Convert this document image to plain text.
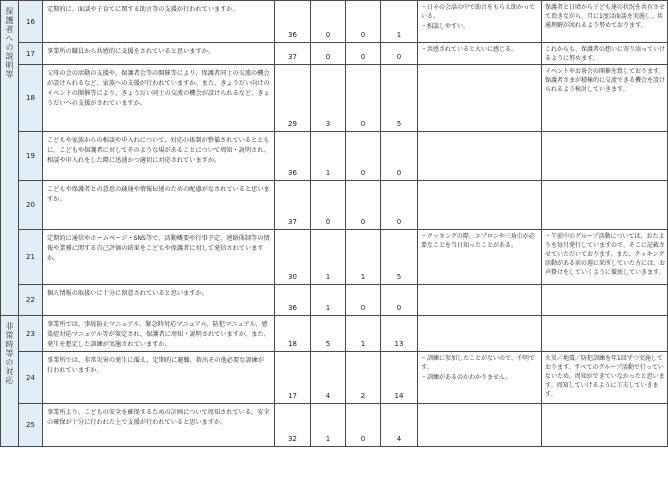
保護者への説明等	16	定期的に、面談や子育てに関する助言等の支援が行われていますか。	36	0	0	1	・日々の会話の中で助言をもらえ助かっている。
・相談しやすい。	保護者と日頃から子ども達の状況を共有させて頂きながら、月に1度は面談を実施し、共通理解が図れるよう努めております。

	17	事業所の職員から共感的に支援をされていると思いますか。	37	0	0	0	・共感されていると大いに感じる。	これからも、保護者の想いに寄り添っていけるように努めます。

	18	父母の会の活動の支援や、保護者会等の開催等により、保護者同士の交流の機会が設けられるなど、家族への支援が行われていますか。また、きょうだい向けのイベントの開催等により、きょうだい同士の交流の機会が設けられるなど、きょうだいへの支援がされていますか。	29	3	0	5		イベントやお茶会の開催を致しております。保護者さまが積極的に交流できる機会を設けられるよう検討していきます。

	19	こどもや家族からの相談や申入れについて、対応の体制が整備されているとともに、こどもや保護者に対してそのような場があることについて周知・説明され、相談や申入れをした際に迅速かつ適切に対応されていますか。	36	1	0	0		
	20	こどもや保護者との意思の疎通や情報伝達のための配慮がなされていると思いますか。	37	0	0	0		
	21	定期的に通信やホームページ・SNS等で、活動概要や行事予定、連絡体制等の情報や業務に関する自己評価の結果をこどもや保護者に対して発信されていますか。	30	1	1	5	・クッキングの際、エプロンや三角巾が必要なことを当日知ったことがある。	・午前中のグループ活動については、おたよりを毎月発行していますので、そこに記載させていただいております。また、クッキング活動がある前の週に来所していた方には、お声掛けをしていくように徹底していきます。

	22	個人情報の取扱いに十分に留意されていると思いますか。	36	1	0	0		

非常時等の対応	23	事業所では、事故防止マニュアル、緊急時対応マニュアル、防犯マニュアル、感染症対応マニュアル等が策定され、保護者に周知・説明されていますか。また、発生を想定した訓練が実施されていますか。	18	5	1	13		
	24	事業所では、非常災害の発生に備え、定期的に避難、救出その他必要な訓練が行われていますか。	17	4	2	14	・訓練に参加したことがないので、不明です。
・訓練があるのかわかりません。	火災／地震／防犯訓練を年1回ずつ実施しております。すべてのグループ活動で行っていないため、周知ができていなかったと思います。周知していけるように工夫していきます。

	25	事業所より、こどもの安全を確保するための計画について周知されている。安全の確保が十分に行われた上で支援が行われていると思いますか。	32	1	0	4		
